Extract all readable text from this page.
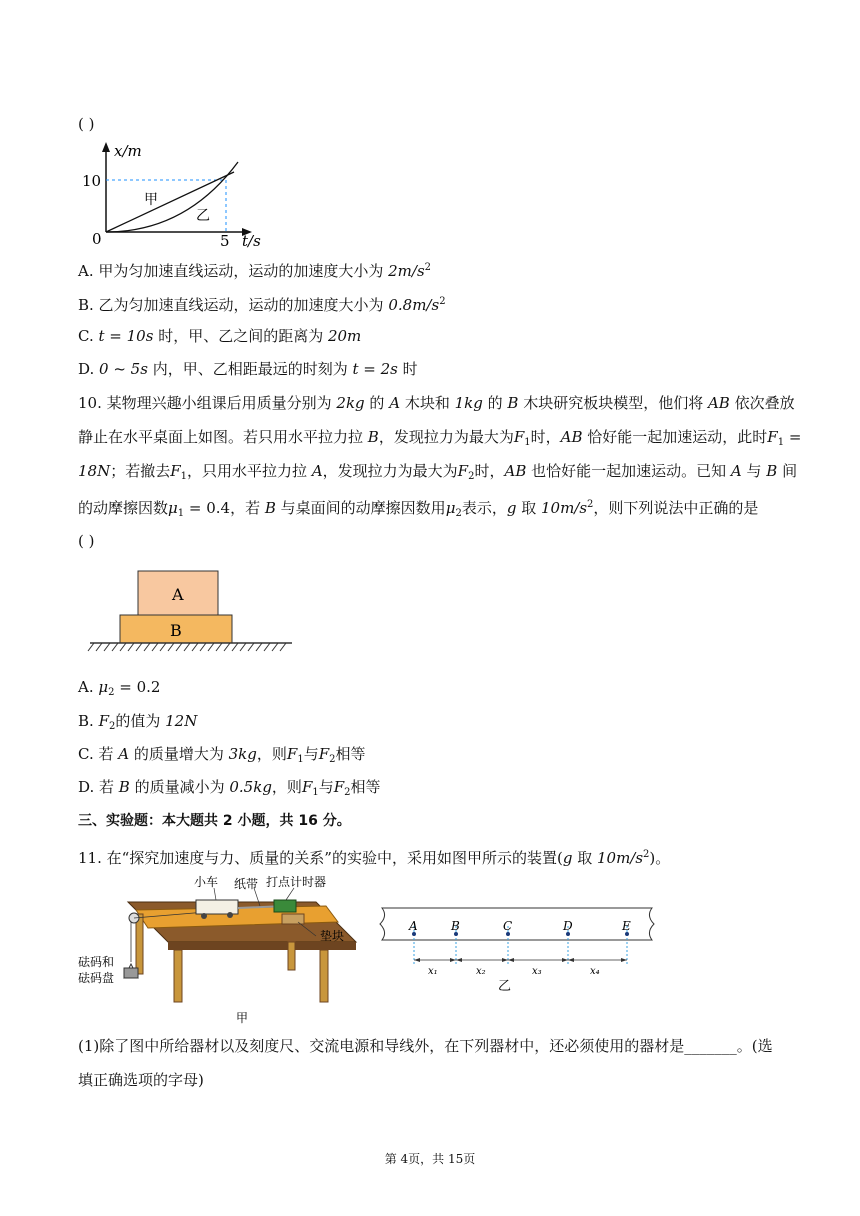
( )
x/m
10
0	5 t/s
甲
乙
A. 甲为匀加速直线运动，运动的加速度大小为 $2m/s^2$
B. 乙为匀加速直线运动，运动的加速度大小为 $0.8m/s^2$
C. t = 10s 时，甲、乙之间的距离为 20m
D. 0 ~ 5s 内，甲、乙相距最远的时刻为 t = 2s 时
10. 某物理兴趣小组课后用质量分别为 2kg 的 A 木块和 1kg 的 B 木块研究板块模型，他们将 AB 依次叠放
静止在水平桌面上如图。若只用水平拉力拉 B，发现拉力为最大为$F_1$时，AB 恰好能一起加速运动，此时$F_1$ =
18N；若撤去$F_1$，只用水平拉力拉 A，发现拉力为最大为$F_2$时，AB 也恰好能一起加速运动。已知 A 与 B 间
的动摩擦因数$\mu_1 = 0.4$，若 B 与桌面间的动摩擦因数用$\mu_2$表示，g 取 $10m/s^2$，则下列说法中正确的是
( )
A
B
A. $\mu_2 = 0.2$
B. $F_2$的值为 12N
C. 若 A 的质量增大为 3kg，则$F_1$与$F_2$相等
D. 若 B 的质量减小为 0.5kg，则$F_1$与$F_2$相等
三、实验题：本大题共 2 小题，共 16 分。
11. 在“探究加速度与力、质量的关系”的实验中，采用如图甲所示的装置(g 取 $10m/s^2$)。
小车 纸带 打点计时器
垫块
砝码和
砝码盘
甲
A	B	C	D	E
x₁	x₂	x₃	x₄
乙
(1)除了图中所给器材以及刻度尺、交流电源和导线外，在下列器材中，还必须使用的器材是_______。(选
填正确选项的字母)
第 4页，共 15页
